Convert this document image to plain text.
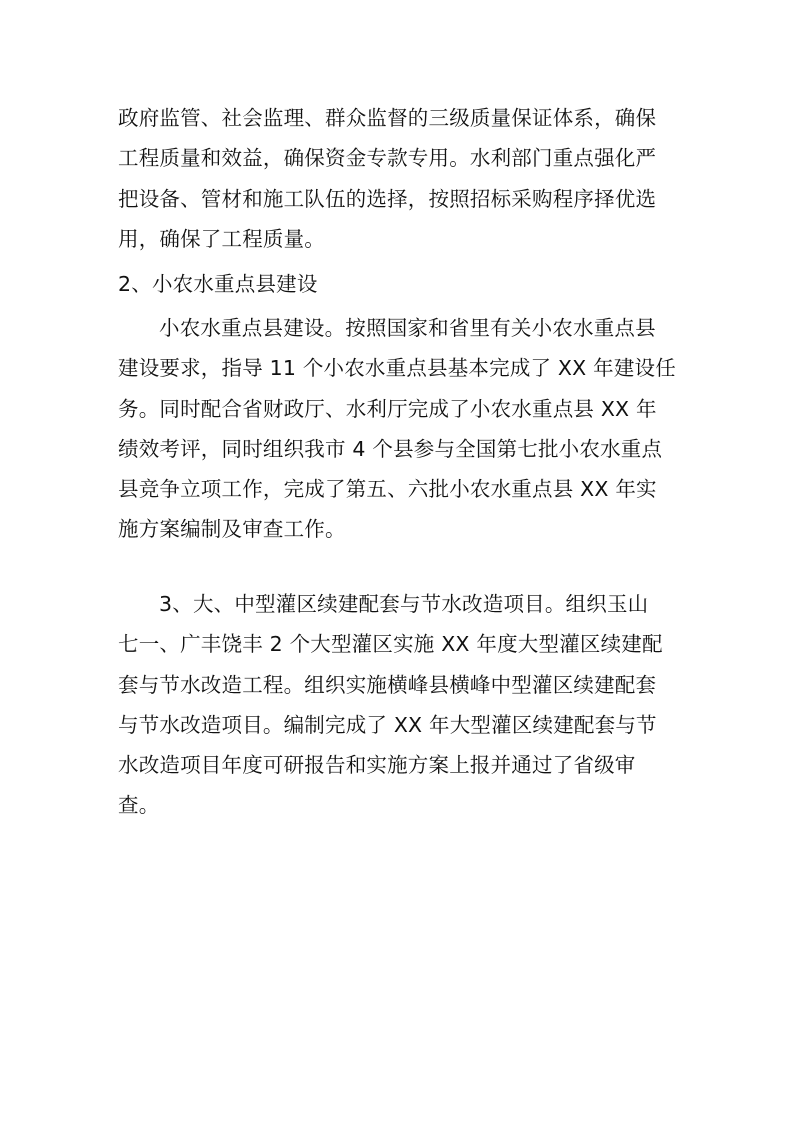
政府监管、社会监理、群众监督的三级质量保证体系，确保
工程质量和效益，确保资金专款专用。水利部门重点强化严
把设备、管材和施工队伍的选择，按照招标采购程序择优选
用，确保了工程质量。
2、小农水重点县建设
小农水重点县建设。按照国家和省里有关小农水重点县
建设要求，指导 11 个小农水重点县基本完成了 XX 年建设任
务。同时配合省财政厅、水利厅完成了小农水重点县 XX 年
绩效考评，同时组织我市 4 个县参与全国第七批小农水重点
县竞争立项工作，完成了第五、六批小农水重点县 XX 年实
施方案编制及审查工作。
3、大、中型灌区续建配套与节水改造项目。组织玉山
七一、广丰饶丰 2 个大型灌区实施 XX 年度大型灌区续建配
套与节水改造工程。组织实施横峰县横峰中型灌区续建配套
与节水改造项目。编制完成了 XX 年大型灌区续建配套与节
水改造项目年度可研报告和实施方案上报并通过了省级审
查。
